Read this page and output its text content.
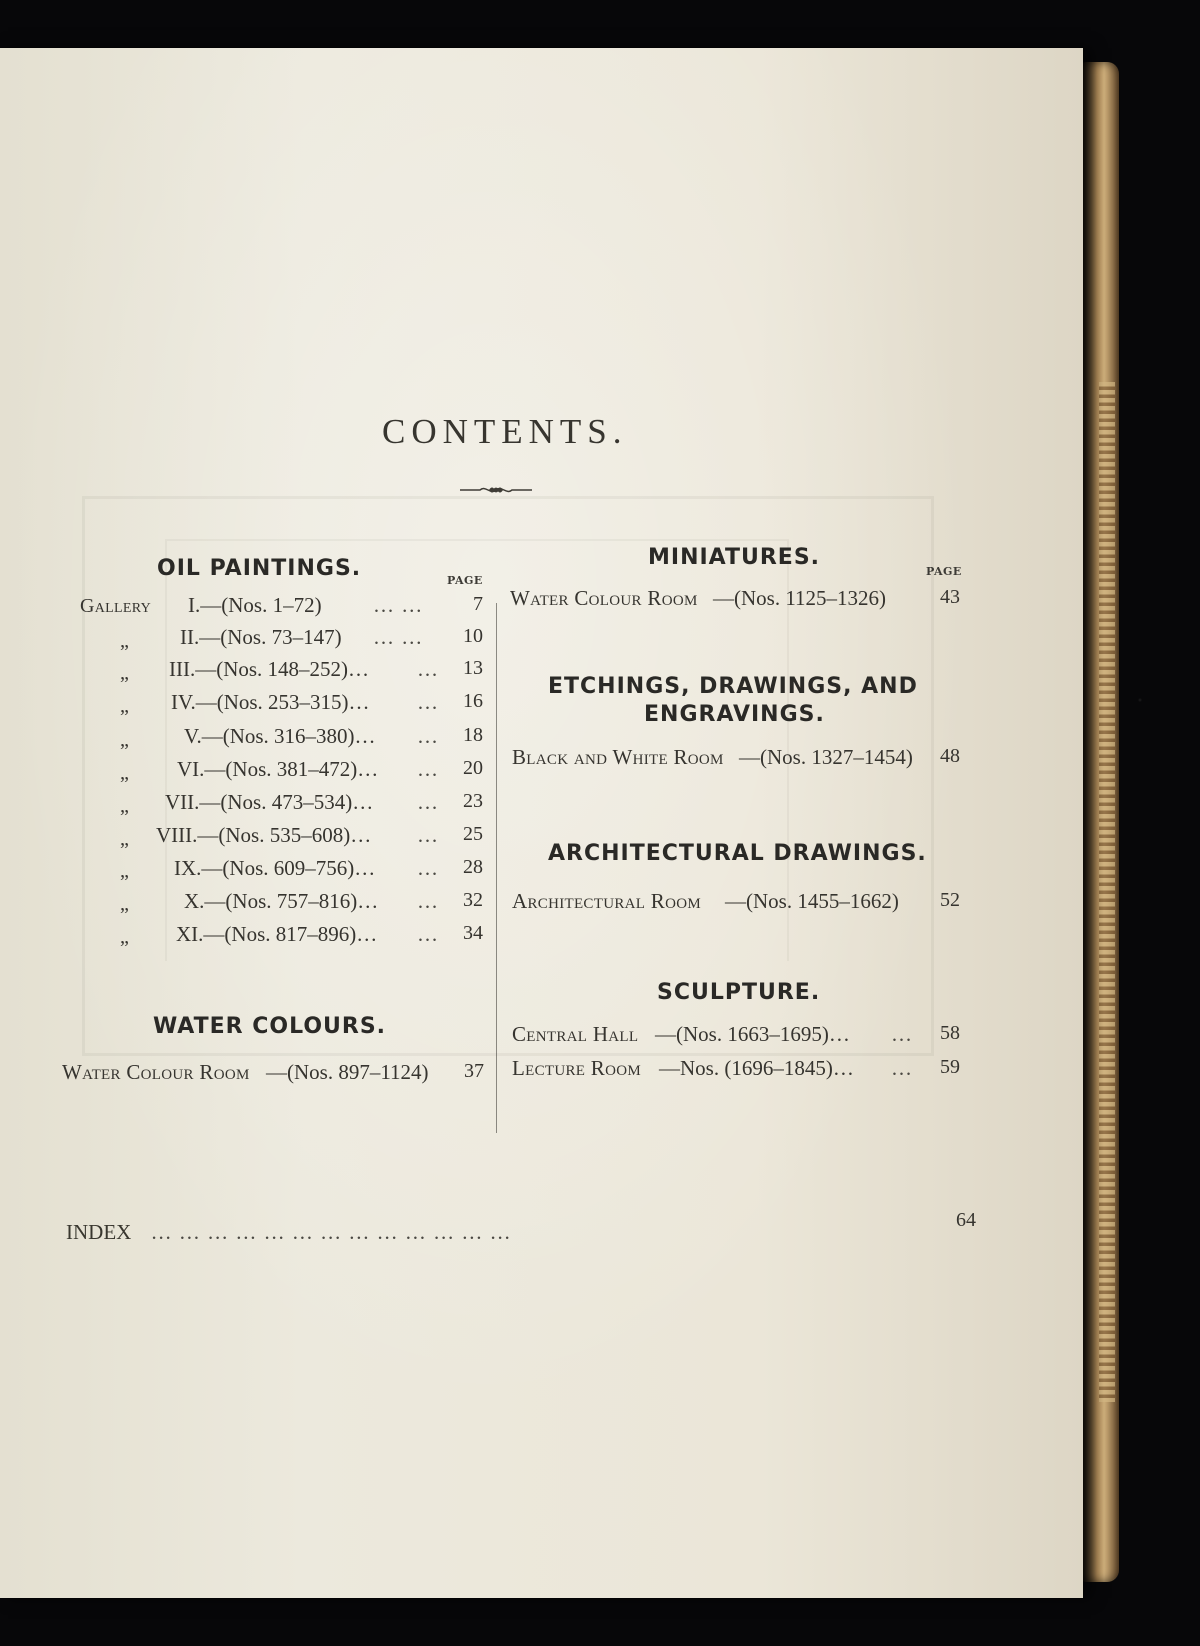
CONTENTS.
OIL PAINTINGS.	PAGE
Gallery I.—(Nos. 1–72) … …	7
„ II.—(Nos. 73–147) … …	10
„ III.—(Nos. 148–252)… …	13
„ IV.—(Nos. 253–315)… …	16
„	V.—(Nos. 316–380)… …	18
„ VI.—(Nos. 381–472)… …	20
„ VII.—(Nos. 473–534)… …	23
„ VIII.—(Nos. 535–608)… …	25
„ IX.—(Nos. 609–756)… …	28
„	X.—(Nos. 757–816)… …	32
„ XI.—(Nos. 817–896)… …	34
WATER COLOURS.
Water Colour Room —(Nos. 897–1124)	37
MINIATURES.
PAGE
Water Colour Room —(Nos. 1125–1326)	43
ETCHINGS, DRAWINGS, AND
ENGRAVINGS.
Black and White Room —(Nos. 1327–1454)	48
ARCHITECTURAL DRAWINGS.
Architectural Room —(Nos. 1455–1662)	52
SCULPTURE.
Central Hall —(Nos. 1663–1695)… …	58
Lecture Room —Nos. (1696–1845)… …	59
INDEX … … … … … … … … … … … … …	64
